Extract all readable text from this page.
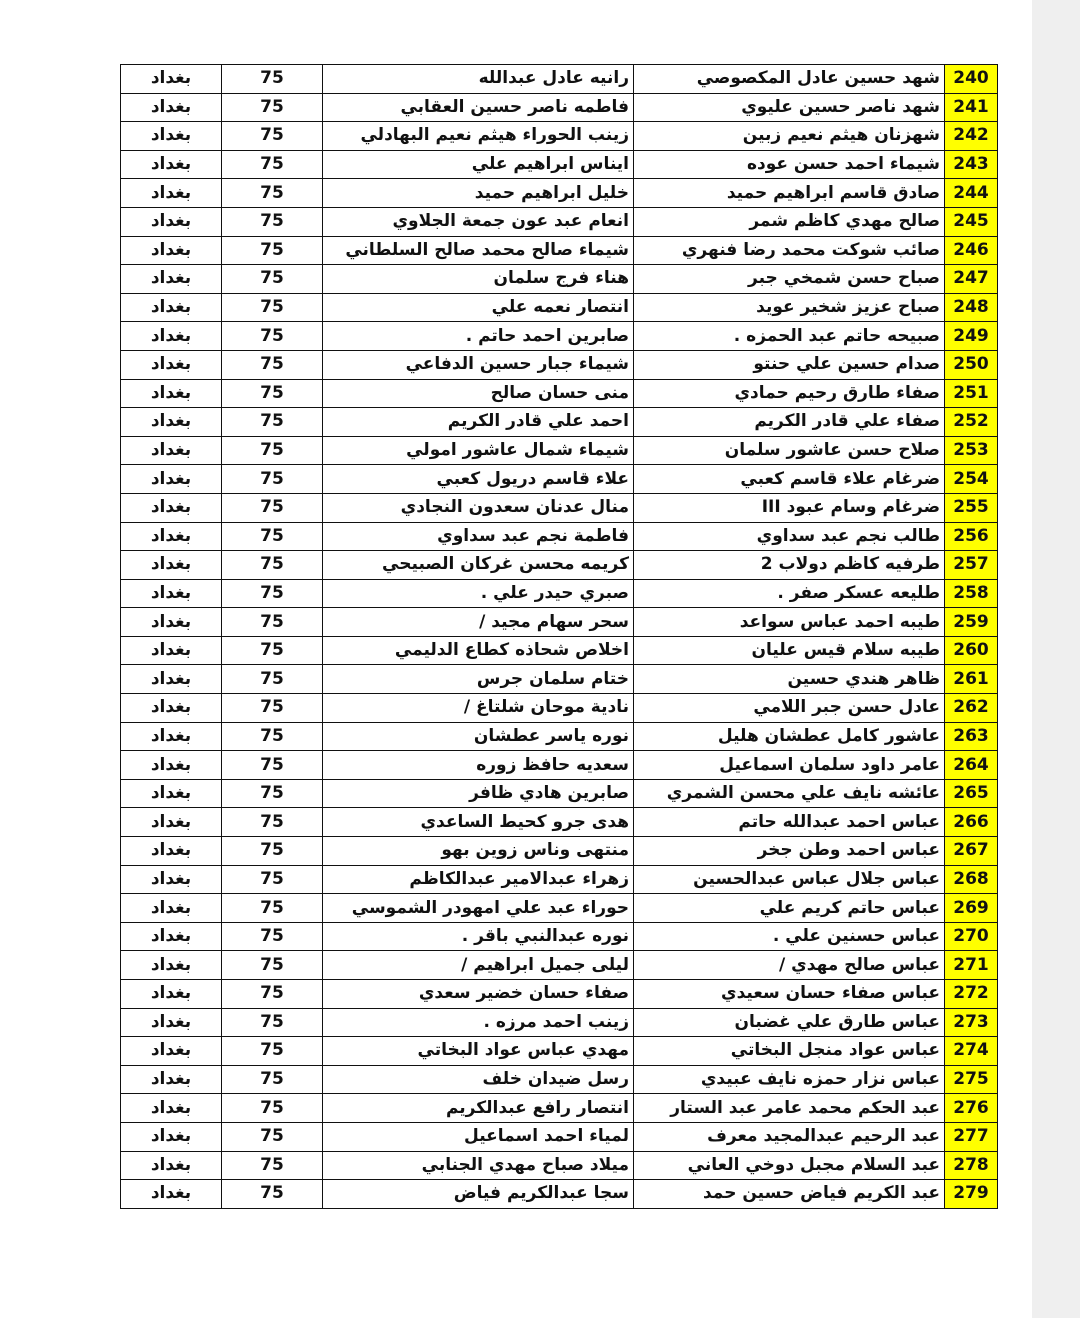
240	شهد حسين عادل المكصوصي	رانيه عادل عبدالله	75	بغداد
241	شهد ناصر حسين عليوي	فاطمه ناصر حسين العقابي	75	بغداد
242	شهزنان هيثم نعيم زبين	زينب الحوراء هيثم نعيم البهادلي	75	بغداد
243	شيماء احمد حسن عوده	ايناس ابراهيم علي	75	بغداد
244	صادق قاسم ابراهيم حميد	خليل ابراهيم حميد	75	بغداد
245	صالح مهدي كاظم شمر	انعام عبد عون جمعة الجلاوي	75	بغداد
246	صائب شوكت محمد رضا فنهري	شيماء صالح محمد صالح السلطاني	75	بغداد
247	صباح حسن شمخي جبر	هناء فرج سلمان	75	بغداد
248	صباح عزيز شخير عويد	انتصار نعمه علي	75	بغداد
249	صبيحه حاتم عبد الحمزه .	صابرين احمد حاتم .	75	بغداد
250	صدام حسين علي حنتو	شيماء جبار حسين الدفاعي	75	بغداد
251	صفاء طارق رحيم حمادي	منى حسان صالح	75	بغداد
252	صفاء علي قادر الكريم	احمد علي قادر الكريم	75	بغداد
253	صلاح حسن عاشور سلمان	شيماء شمال عاشور امولي	75	بغداد
254	ضرغام علاء قاسم كعبي	علاء قاسم دريول كعبي	75	بغداد
255	ضرغام وسام عبود III	منال عدنان سعدون النجادي	75	بغداد
256	طالب نجم عبد سداوي	فاطمة نجم عبد سداوي	75	بغداد
257	طرفيه كاظم دولاب 2	كريمه محسن غركان الصبيحي	75	بغداد
258	طليعه عسكر صفر .	صبري حيدر علي .	75	بغداد
259	طيبه احمد عباس سواعد	سحر سهام مجيد /	75	بغداد
260	طيبه سلام قيس عليان	اخلاص شحاذه كطاع الدليمي	75	بغداد
261	ظاهر هندي حسين	ختام سلمان جرس	75	بغداد
262	عادل حسن جبر اللامي	نادية موحان شلتاغ /	75	بغداد
263	عاشور كامل عطشان هليل	نوره ياسر عطشان	75	بغداد
264	عامر داود سلمان اسماعيل	سعديه حافظ زوره	75	بغداد
265	عائشه نايف علي محسن الشمري	صابرين هادي ظافر	75	بغداد
266	عباس احمد عبدالله حاتم	هدى جرو كحيط الساعدي	75	بغداد
267	عباس احمد وطن جخر	منتهى وناس زوين بهو	75	بغداد
268	عباس جلال عباس عبدالحسين	زهراء عبدالامير عبدالكاظم	75	بغداد
269	عباس حاتم كريم علي	حوراء عبد علي امهودر الشموسي	75	بغداد
270	عباس حسنين علي .	نوره عبدالنبي باقر .	75	بغداد
271	عباس صالح مهدي /	ليلى جميل ابراهيم /	75	بغداد
272	عباس صفاء حسان سعيدي	صفاء حسان خضير سعدي	75	بغداد
273	عباس طارق علي غضبان	زينب احمد مرزه .	75	بغداد
274	عباس عواد منجل البخاتي	مهدي عباس عواد البخاتي	75	بغداد
275	عباس نزار حمزه نايف عبيدي	رسل ضيدان خلف	75	بغداد
276	عبد الحكم محمد عامر عبد الستار	انتصار رافع عبدالكريم	75	بغداد
277	عبد الرحيم عبدالمجيد معرف	لمياء احمد اسماعيل	75	بغداد
278	عبد السلام مجبل دوخي العاني	ميلاد صباح مهدي الجنابي	75	بغداد
279	عبد الكريم فياض حسين حمد	سجا عبدالكريم فياض	75	بغداد
